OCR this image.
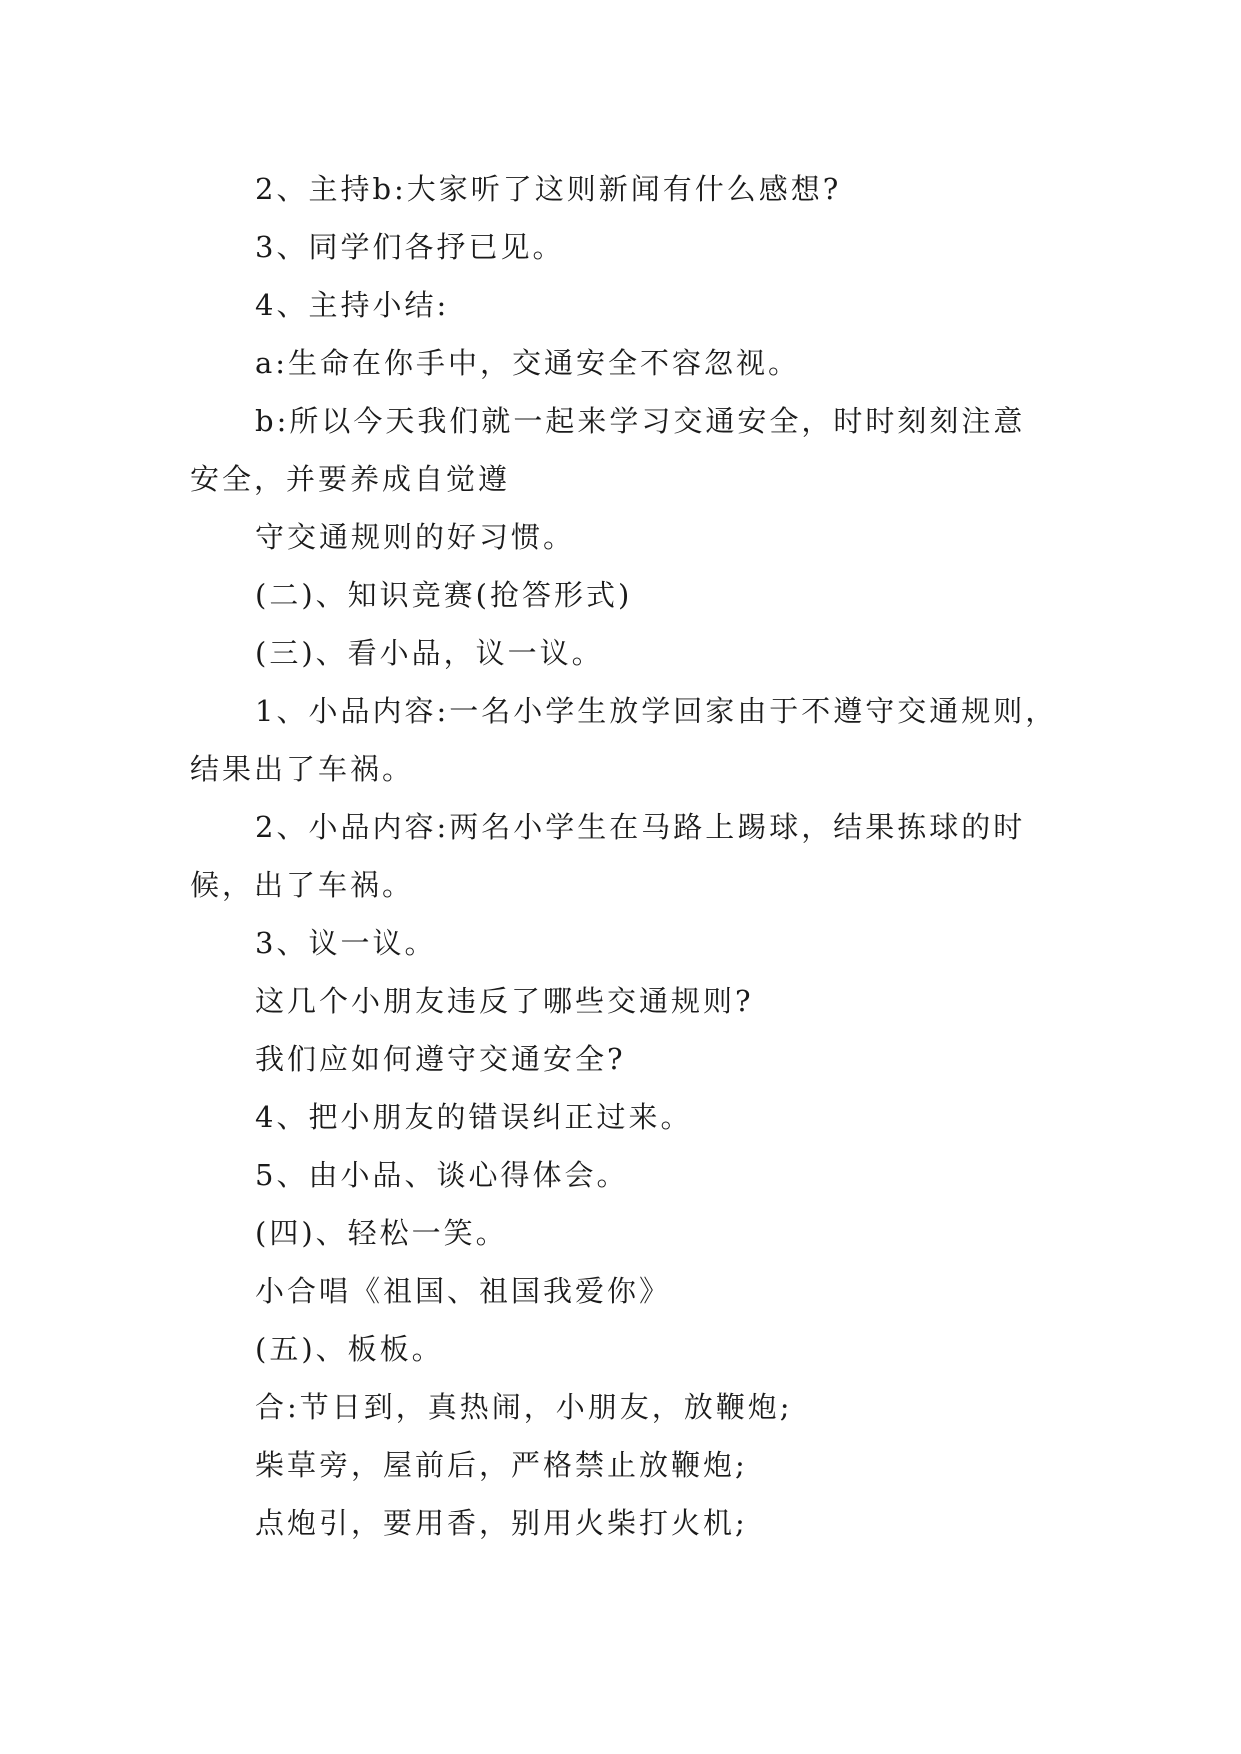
2、主持b:大家听了这则新闻有什么感想?
3、同学们各抒已见。
4、主持小结:
a:生命在你手中，交通安全不容忽视。
b:所以今天我们就一起来学习交通安全，时时刻刻注意
安全，并要养成自觉遵
守交通规则的好习惯。
(二)、知识竞赛(抢答形式)
(三)、看小品，议一议。
1、小品内容:一名小学生放学回家由于不遵守交通规则，
结果出了车祸。
2、小品内容:两名小学生在马路上踢球，结果拣球的时
候，出了车祸。
3、议一议。
这几个小朋友违反了哪些交通规则?
我们应如何遵守交通安全?
4、把小朋友的错误纠正过来。
5、由小品、谈心得体会。
(四)、轻松一笑。
小合唱《祖国、祖国我爱你》
(五)、板板。
合:节日到，真热闹，小朋友，放鞭炮;
柴草旁，屋前后，严格禁止放鞭炮;
点炮引，要用香，别用火柴打火机;
